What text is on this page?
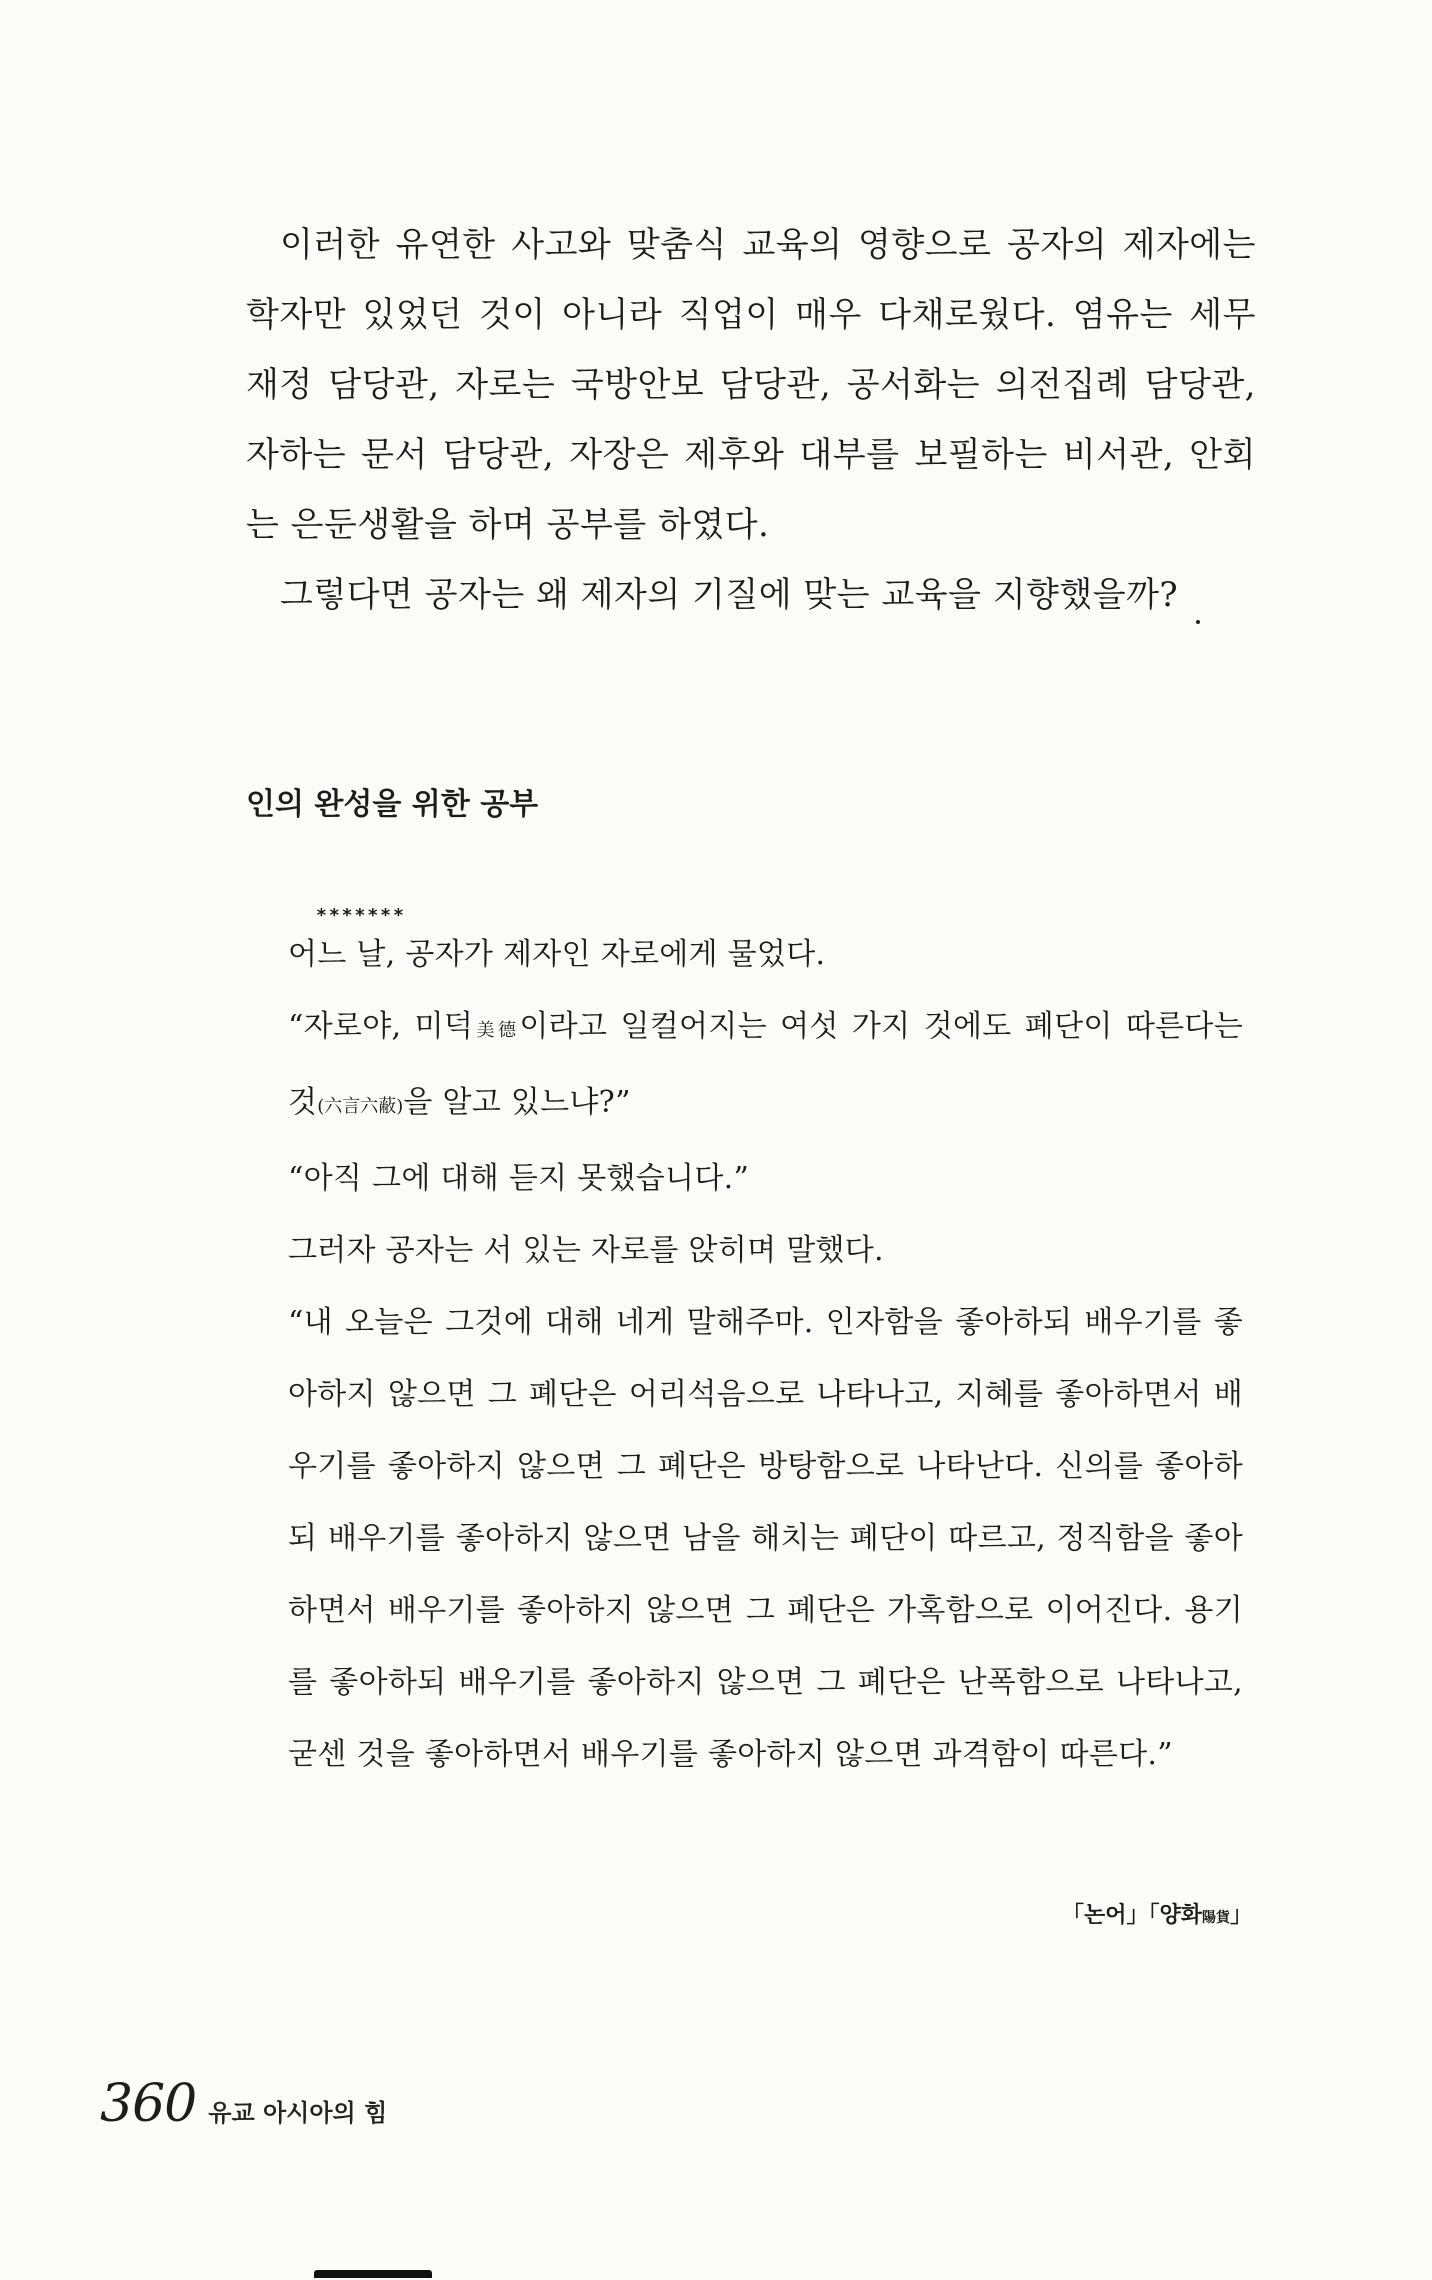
이러한 유연한 사고와 맞춤식 교육의 영향으로 공자의 제자에는 학자만 있었던 것이 아니라 직업이 매우 다채로웠다. 염유는 세무 재정 담당관, 자로는 국방안보 담당관, 공서화는 의전집례 담당관, 자하는 문서 담당관, 자장은 제후와 대부를 보필하는 비서관, 안회는 은둔생활을 하며 공부를 하였다.

그렇다면 공자는 왜 제자의 기질에 맞는 교육을 지향했을까?

인의 완성을 위한 공부
*******

어느 날, 공자가 제자인 자로에게 물었다.

“자로야, 미덕美德이라고 일컬어지는 여섯 가지 것에도 폐단이 따른다는 것(六言六蔽)을 알고 있느냐?”

“아직 그에 대해 듣지 못했습니다.”

그러자 공자는 서 있는 자로를 앉히며 말했다.

“내 오늘은 그것에 대해 네게 말해주마. 인자함을 좋아하되 배우기를 좋아하지 않으면 그 폐단은 어리석음으로 나타나고, 지혜를 좋아하면서 배우기를 좋아하지 않으면 그 폐단은 방탕함으로 나타난다. 신의를 좋아하되 배우기를 좋아하지 않으면 남을 해치는 폐단이 따르고, 정직함을 좋아하면서 배우기를 좋아하지 않으면 그 폐단은 가혹함으로 이어진다. 용기를 좋아하되 배우기를 좋아하지 않으면 그 폐단은 난폭함으로 나타나고, 굳센 것을 좋아하면서 배우기를 좋아하지 않으면 과격함이 따른다.”

「논어」「양화陽貨」
360 유교 아시아의 힘
